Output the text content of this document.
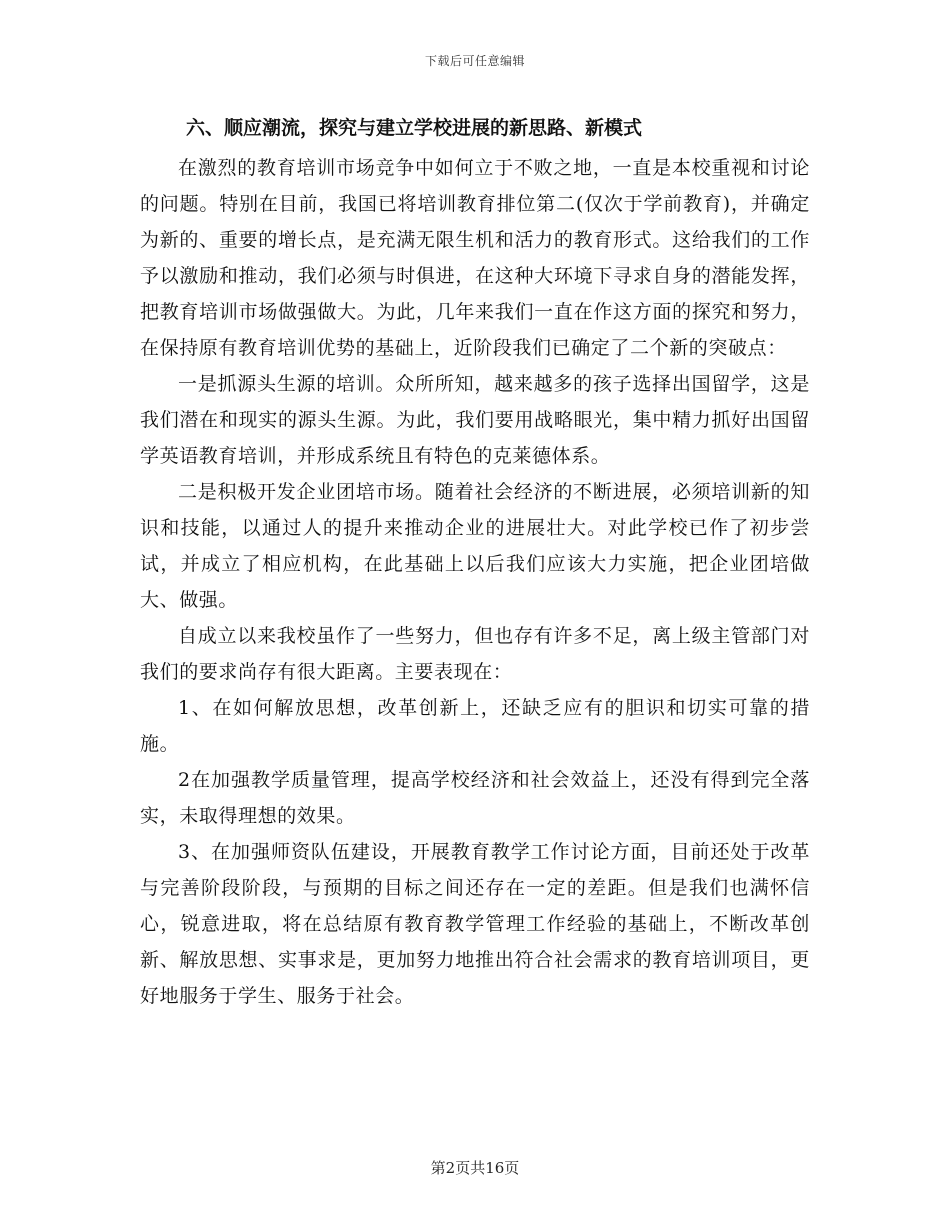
下载后可任意编辑
六、顺应潮流，探究与建立学校进展的新思路、新模式

在激烈的教育培训市场竞争中如何立于不败之地，一直是本校重视和讨论的问题。特别在目前，我国已将培训教育排位第二(仅次于学前教育)，并确定为新的、重要的增长点，是充满无限生机和活力的教育形式。这给我们的工作予以激励和推动，我们必须与时俱进，在这种大环境下寻求自身的潜能发挥，把教育培训市场做强做大。为此，几年来我们一直在作这方面的探究和努力，在保持原有教育培训优势的基础上，近阶段我们已确定了二个新的突破点：

一是抓源头生源的培训。众所所知，越来越多的孩子选择出国留学，这是我们潜在和现实的源头生源。为此，我们要用战略眼光，集中精力抓好出国留学英语教育培训，并形成系统且有特色的克莱德体系。

二是积极开发企业团培市场。随着社会经济的不断进展，必须培训新的知识和技能，以通过人的提升来推动企业的进展壮大。对此学校已作了初步尝试，并成立了相应机构，在此基础上以后我们应该大力实施，把企业团培做大、做强。

自成立以来我校虽作了一些努力，但也存有许多不足，离上级主管部门对我们的要求尚存有很大距离。主要表现在：

1、在如何解放思想，改革创新上，还缺乏应有的胆识和切实可靠的措施。

2在加强教学质量管理，提高学校经济和社会效益上，还没有得到完全落实，未取得理想的效果。

3、在加强师资队伍建设，开展教育教学工作讨论方面，目前还处于改革与完善阶段阶段，与预期的目标之间还存在一定的差距。但是我们也满怀信心，锐意进取，将在总结原有教育教学管理工作经验的基础上，不断改革创新、解放思想、实事求是，更加努力地推出符合社会需求的教育培训项目，更好地服务于学生、服务于社会。

第2页共16页
